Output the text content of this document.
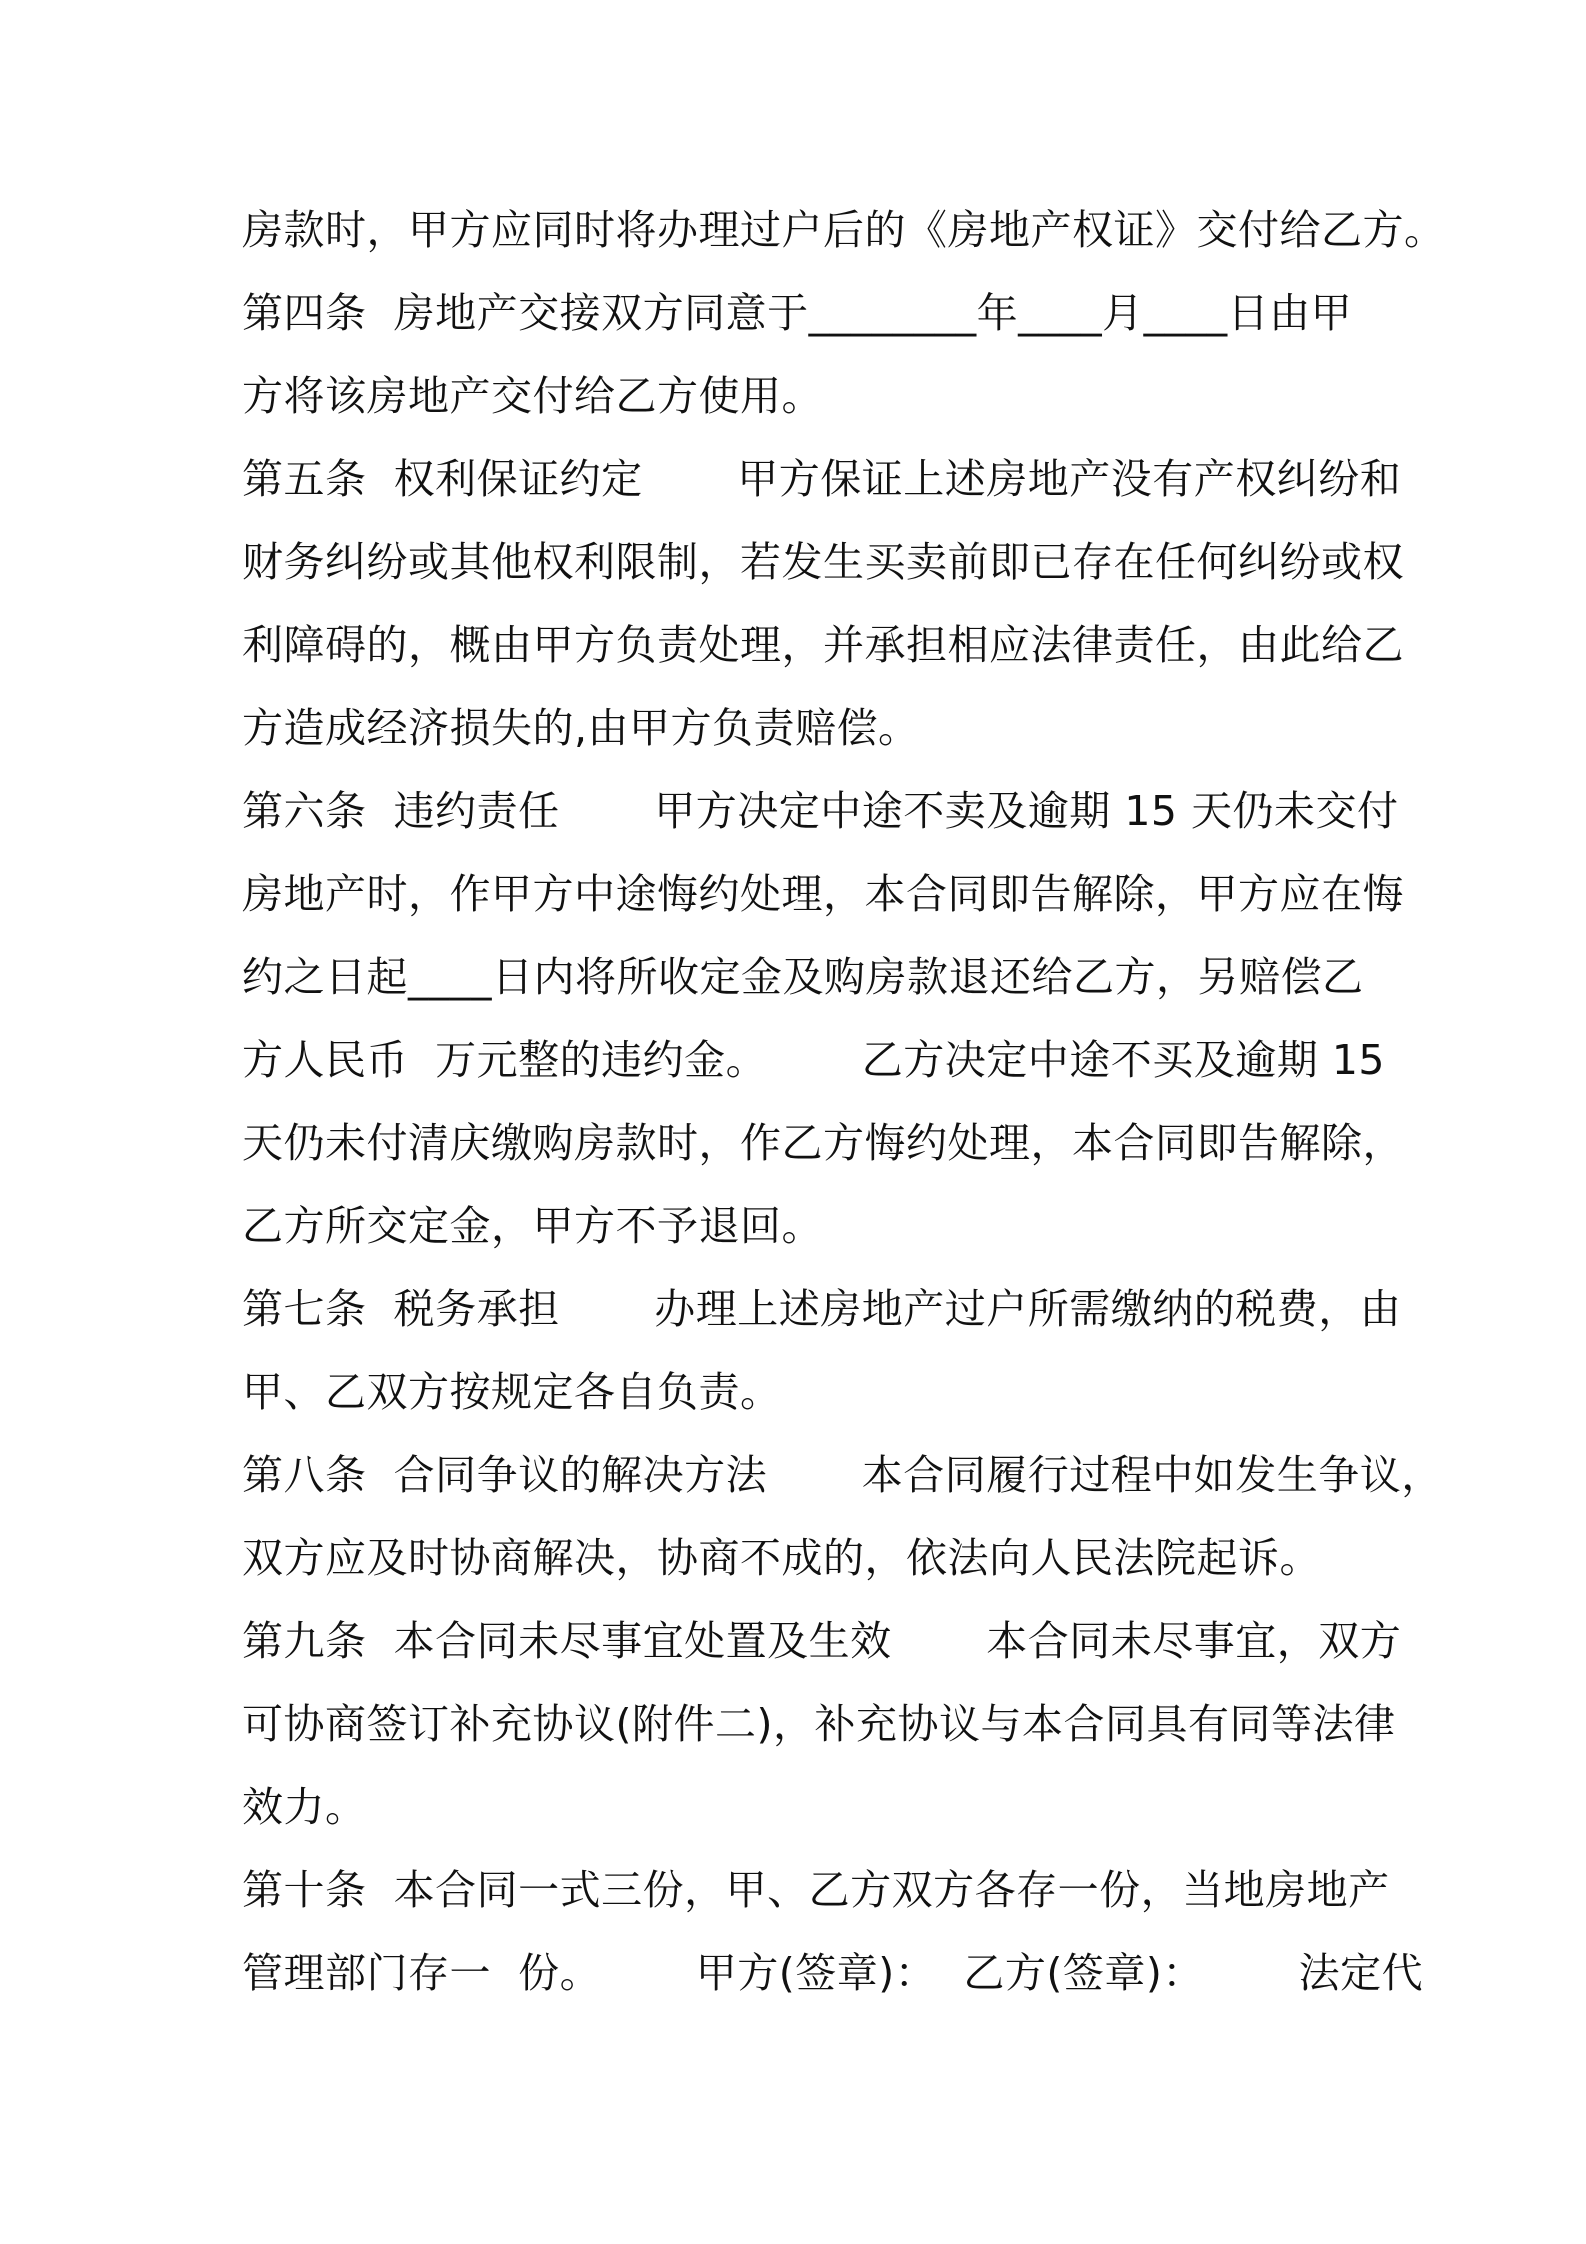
房款时，甲方应同时将办理过户后的《房地产权证》交付给乙方。
第四条  房地产交接双方同意于________年____月____日由甲
方将该房地产交付给乙方使用。
第五条  权利保证约定       甲方保证上述房地产没有产权纠纷和
财务纠纷或其他权利限制，若发生买卖前即已存在任何纠纷或权
利障碍的，概由甲方负责处理，并承担相应法律责任，由此给乙
方造成经济损失的,由甲方负责赔偿。
第六条  违约责任       甲方决定中途不卖及逾期 15 天仍未交付
房地产时，作甲方中途悔约处理，本合同即告解除，甲方应在悔
约之日起____日内将所收定金及购房款退还给乙方，另赔偿乙
方人民币  万元整的违约金。       乙方决定中途不买及逾期 15
天仍未付清庆缴购房款时，作乙方悔约处理，本合同即告解除，
乙方所交定金，甲方不予退回。
第七条  税务承担       办理上述房地产过户所需缴纳的税费，由
甲、乙双方按规定各自负责。
第八条  合同争议的解决方法       本合同履行过程中如发生争议，
双方应及时协商解决，协商不成的，依法向人民法院起诉。
第九条  本合同未尽事宜处置及生效       本合同未尽事宜，双方
可协商签订补充协议(附件二)，补充协议与本合同具有同等法律
效力。
第十条  本合同一式三份，甲、乙方双方各存一份，当地房地产
管理部门存一  份。       甲方(签章)：  乙方(签章)：       法定代
